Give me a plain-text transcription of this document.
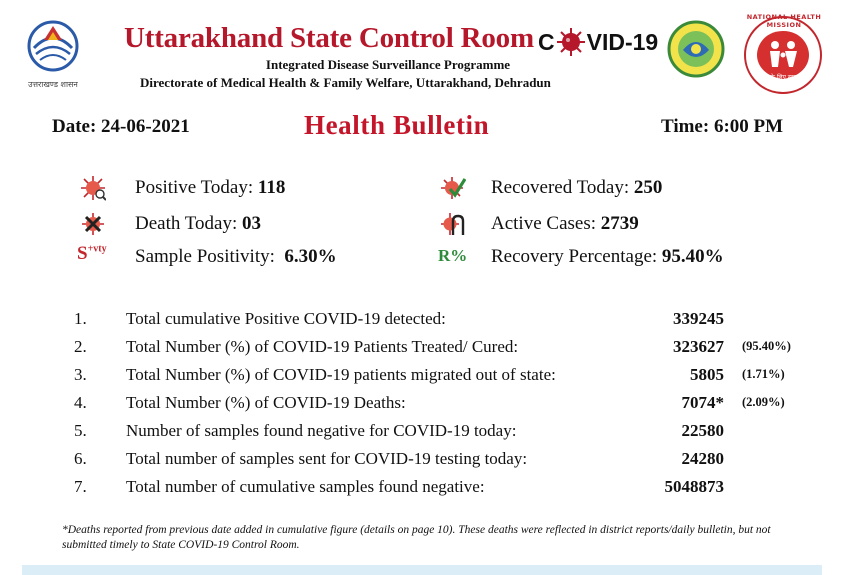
उत्तराखण्ड शासन
Uttarakhand State Control Room C VID-19
NATIONAL HEALTH MISSION
सबके लिए स्वास्थ्य
Integrated Disease Surveillance Programme
Directorate of Medical Health & Family Welfare, Uttarakhand, Dehradun
Date: 24-06-2021	Health Bulletin	Time: 6:00 PM
Positive Today: 118
Death Today: 03
$S^{+vty}$ Sample Positivity: 6.30%
Recovered Today: 250
Active Cases: 2739
R% Recovery Percentage: 95.40%
1. Total cumulative Positive COVID-19 detected:	339245
2. Total Number (%) of COVID-19 Patients Treated/ Cured:	323627 (95.40%)
3. Total Number (%) of COVID-19 patients migrated out of state:	5805 (1.71%)
4. Total Number (%) of COVID-19 Deaths:	7074* (2.09%)
5. Number of samples found negative for COVID-19 today:	22580
6. Total number of samples sent for COVID-19 testing today:	24280
7. Total number of cumulative samples found negative:	5048873
*Deaths reported from previous date added in cumulative figure (details on page 10). These deaths were reflected in district reports/daily bulletin, but not submitted timely to State COVID-19 Control Room.
